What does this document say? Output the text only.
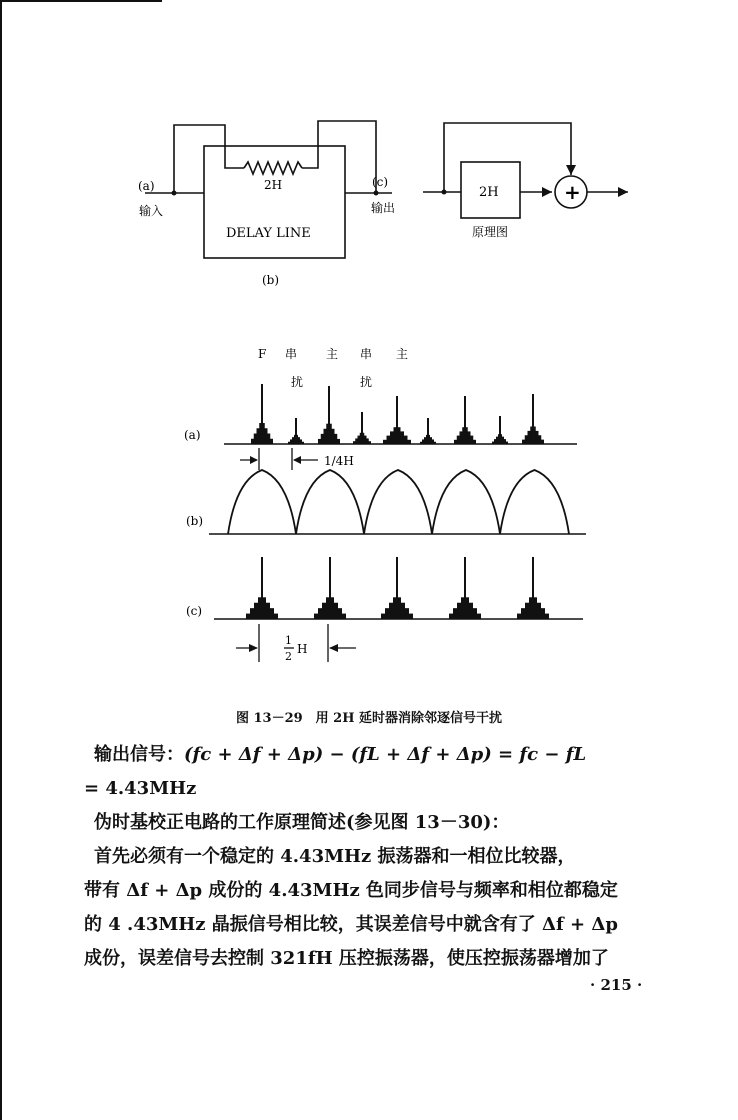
(a)
输入
(c)
输出
2H
DELAY LINE
(b)
2H	+
原理图
F 串 主 串 主
扰	扰
(a)
(b)
(c)
1/4H
1
2
H
图 13－29　用 2H 延时器消除邻逐信号干扰
输出信号：(fc + Δf + Δp) − (fL + Δf + Δp) = fc − fL
= 4.43MHz
伪时基校正电路的工作原理简述(参见图 13－30)：
首先必须有一个稳定的 4.43MHz 振荡器和一相位比较器，
带有 Δf + Δp 成份的 4.43MHz 色同步信号与频率和相位都稳定
的 4 .43MHz 晶振信号相比较，其误差信号中就含有了 Δf + Δp
成份，误差信号去控制 321fH 压控振荡器，使压控振荡器增加了
· 215 ·
